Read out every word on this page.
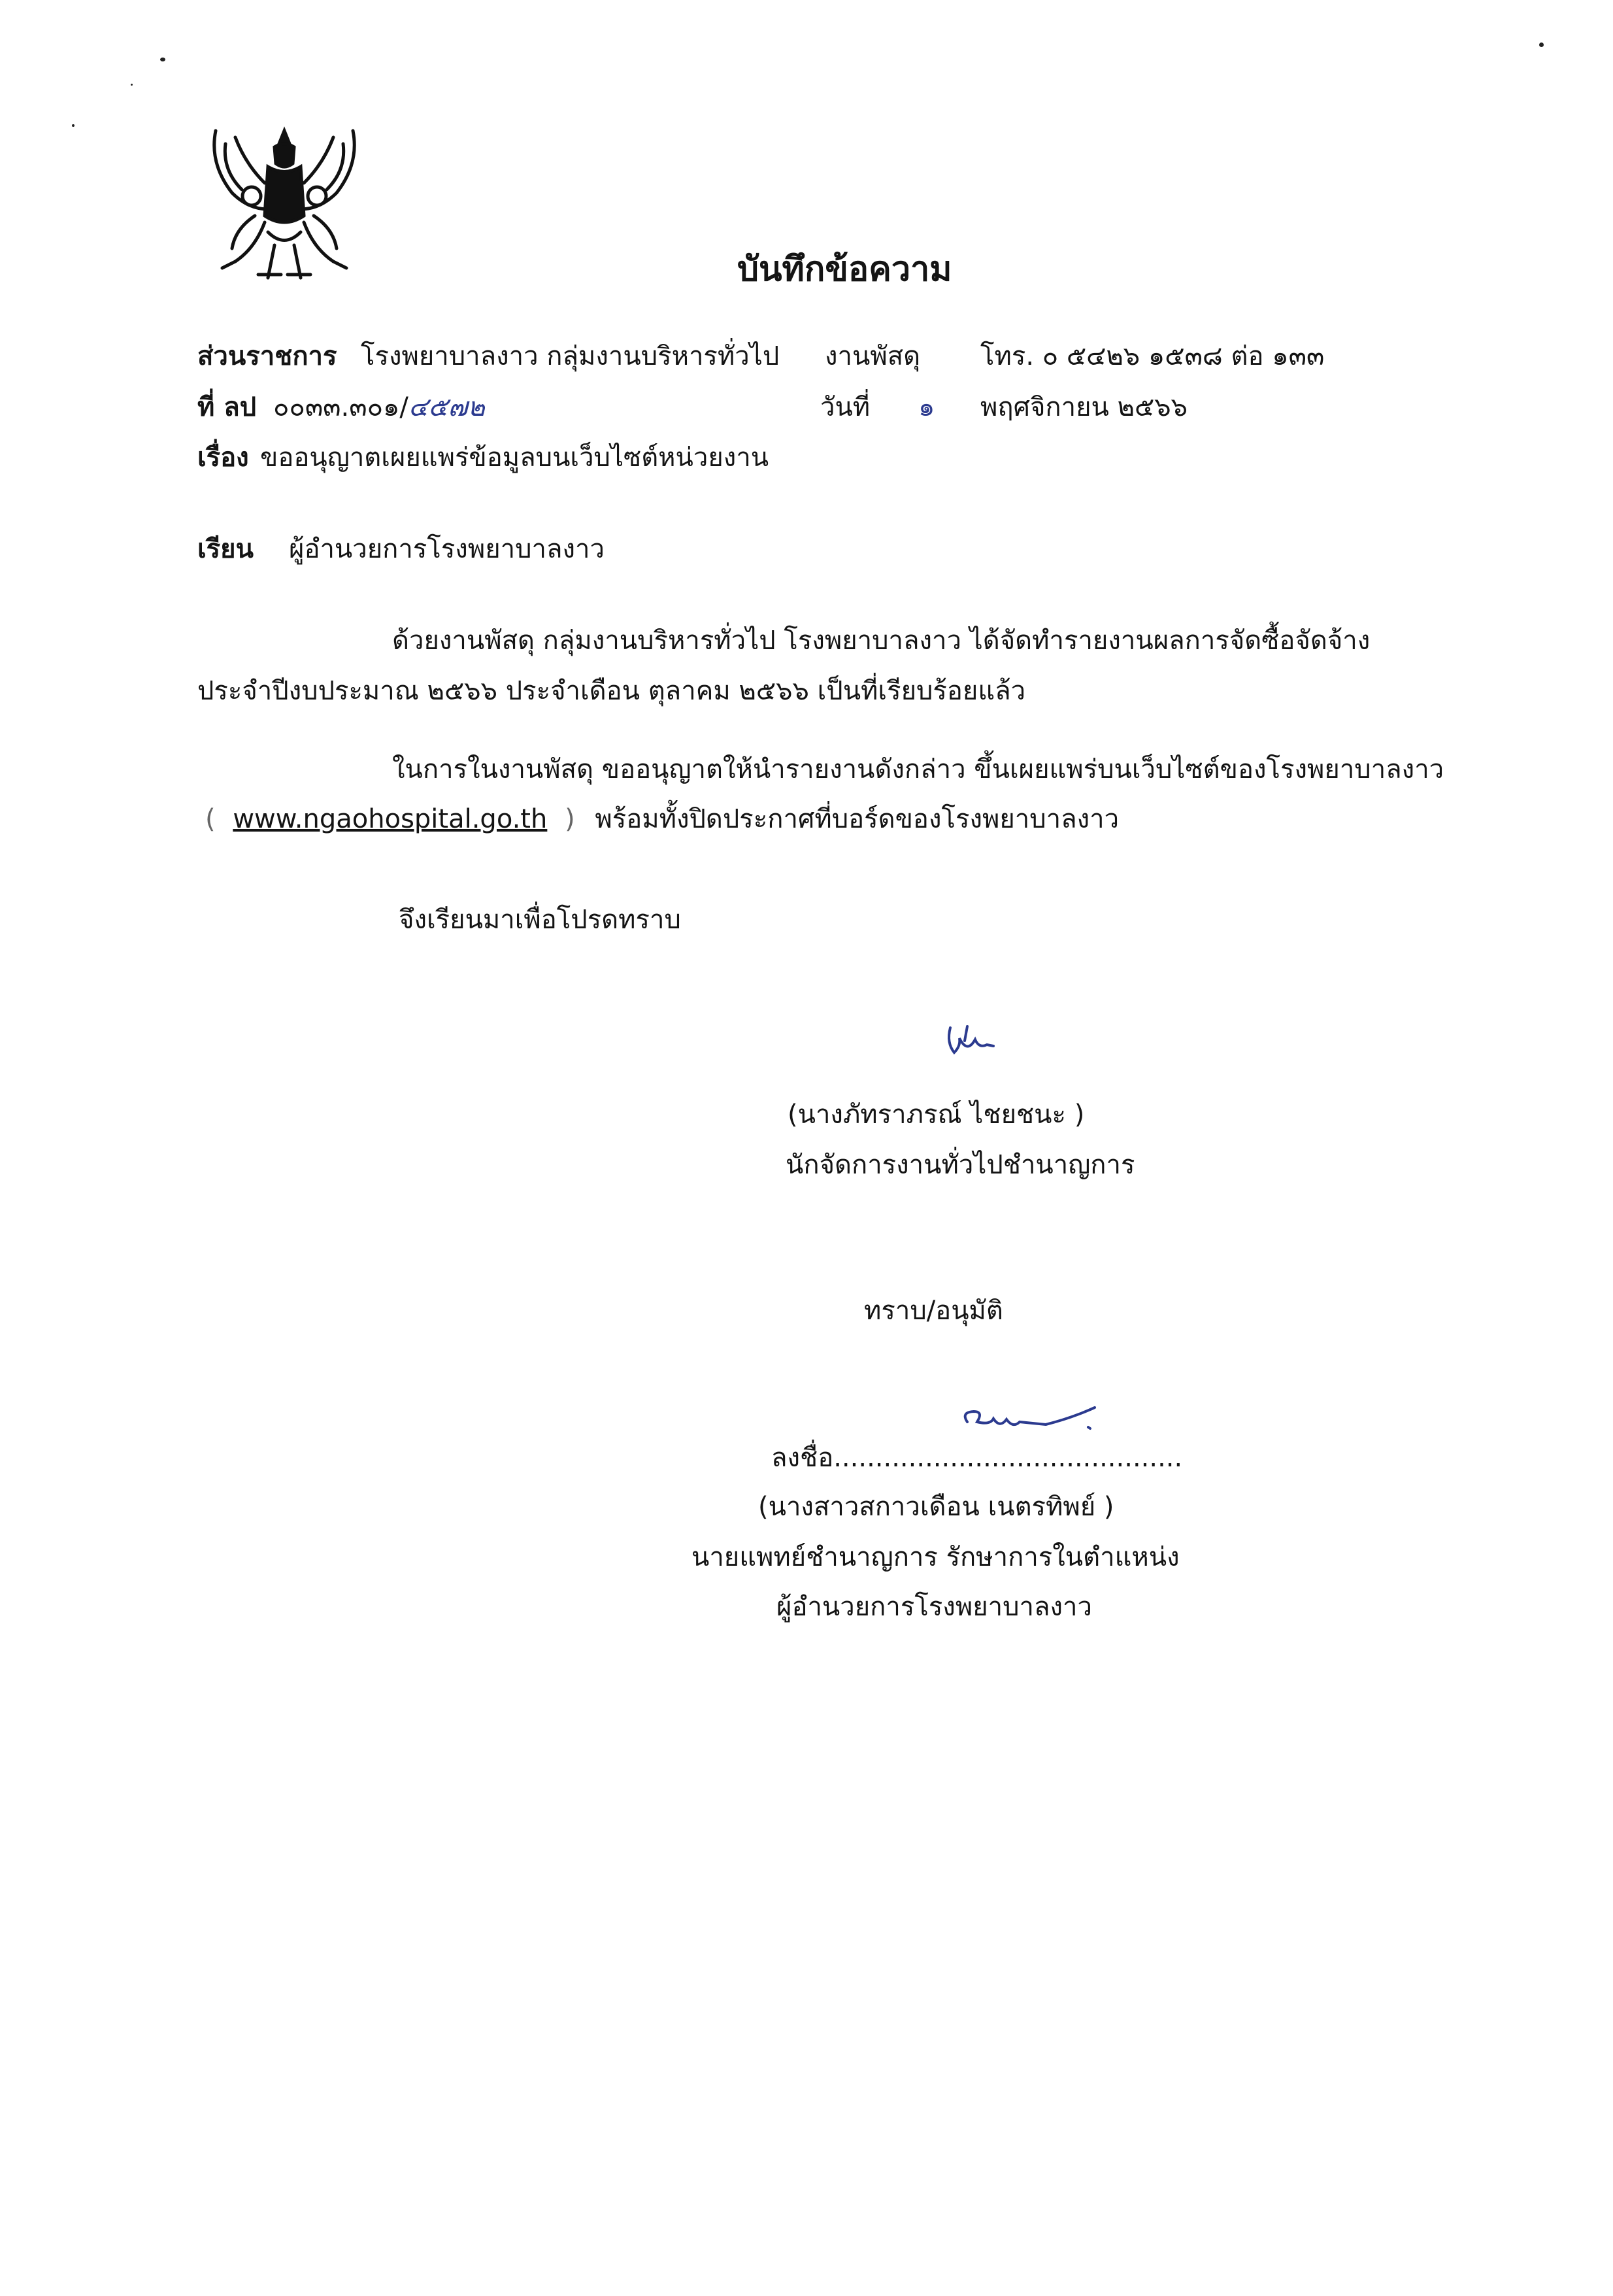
บันทึกข้อความ
ส่วนราชการ โรงพยาบาลงาว กลุ่มงานบริหารทั่วไป งานพัสดุ โทร. ๐ ๕๔๒๖ ๑๕๓๘ ต่อ ๑๓๓
ที่ ลป ๐๐๓๓.๓๐๑/๔๕๗๒	วันที่ ๑ พฤศจิกายน ๒๕๖๖
เรื่อง ขออนุญาตเผยแพร่ข้อมูลบนเว็บไซต์หน่วยงาน
เรียน ผู้อำนวยการโรงพยาบาลงาว
ด้วยงานพัสดุ กลุ่มงานบริหารทั่วไป โรงพยาบาลงาว ได้จัดทำรายงานผลการจัดซื้อจัดจ้าง
ประจำปีงบประมาณ ๒๕๖๖ ประจำเดือน ตุลาคม ๒๕๖๖ เป็นที่เรียบร้อยแล้ว
ในการในงานพัสดุ ขออนุญาตให้นำรายงานดังกล่าว ขึ้นเผยแพร่บนเว็บไซต์ของโรงพยาบาลงาว
( www.ngaohospital.go.th ) พร้อมทั้งปิดประกาศที่บอร์ดของโรงพยาบาลงาว
จึงเรียนมาเพื่อโปรดทราบ
(นางภัทราภรณ์ ไชยชนะ )
นักจัดการงานทั่วไปชำนาญการ
ทราบ/อนุมัติ
ลงชื่อ..........................................
(นางสาวสกาวเดือน เนตรทิพย์ )
นายแพทย์ชำนาญการ รักษาการในตำแหน่ง
ผู้อำนวยการโรงพยาบาลงาว
